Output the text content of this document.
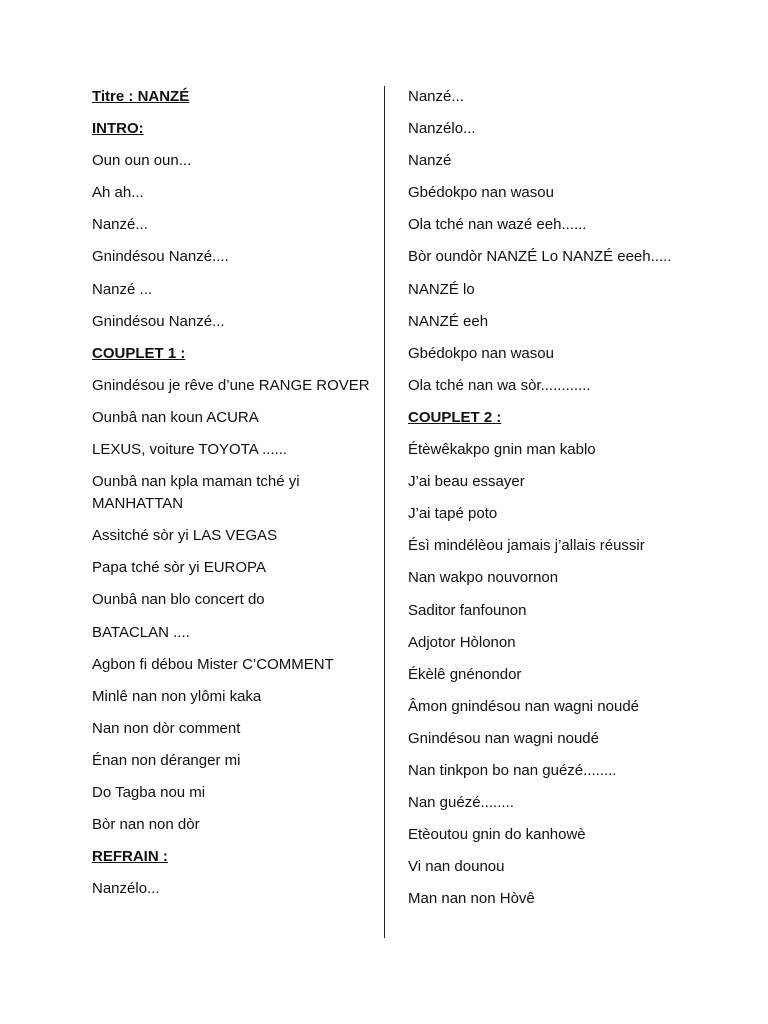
Titre : NANZÉ
INTRO:
Oun oun oun...
Ah ah...
Nanzé...
Gnindésou Nanzé....
Nanzé ...
Gnindésou Nanzé...
COUPLET 1 :
Gnindésou je rêve d’une RANGE ROVER
Ounbâ nan koun ACURA
LEXUS, voiture TOYOTA ......
Ounbâ nan kpla maman tché yi MANHATTAN
Assitché sòr yi LAS VEGAS
Papa tché sòr yi EUROPA
Ounbâ nan blo concert do
BATACLAN ....
Agbon fi débou Mister C’COMMENT
Minlê nan non ylômi kaka
Nan non dòr comment
Énan non déranger mi
Do Tagba nou mi
Bòr nan non dòr
REFRAIN :
Nanzélo...
Nanzé...
Nanzélo...
Nanzé
Gbédokpo nan wasou
Ola tché nan wazé eeh......
Bòr oundòr NANZÉ Lo NANZÉ eeeh.....
NANZÉ lo
NANZÉ eeh
Gbédokpo nan wasou
Ola tché nan wa sòr............
COUPLET 2 :
Étèwêkakpo gnin man kablo
J’ai beau essayer
J’ai tapé poto
Ésì mindélèou jamais j’allais réussir
Nan wakpo nouvornon
Saditor fanfounon
Adjotor Hòlonon
Ékèlê gnénondor
Âmon gnindésou nan wagni noudé
Gnindésou nan wagni noudé
Nan tinkpon bo nan guézé........
Nan guézé........
Etèoutou gnin do kanhowè
Vi nan dounou
Man nan non Hòvê
